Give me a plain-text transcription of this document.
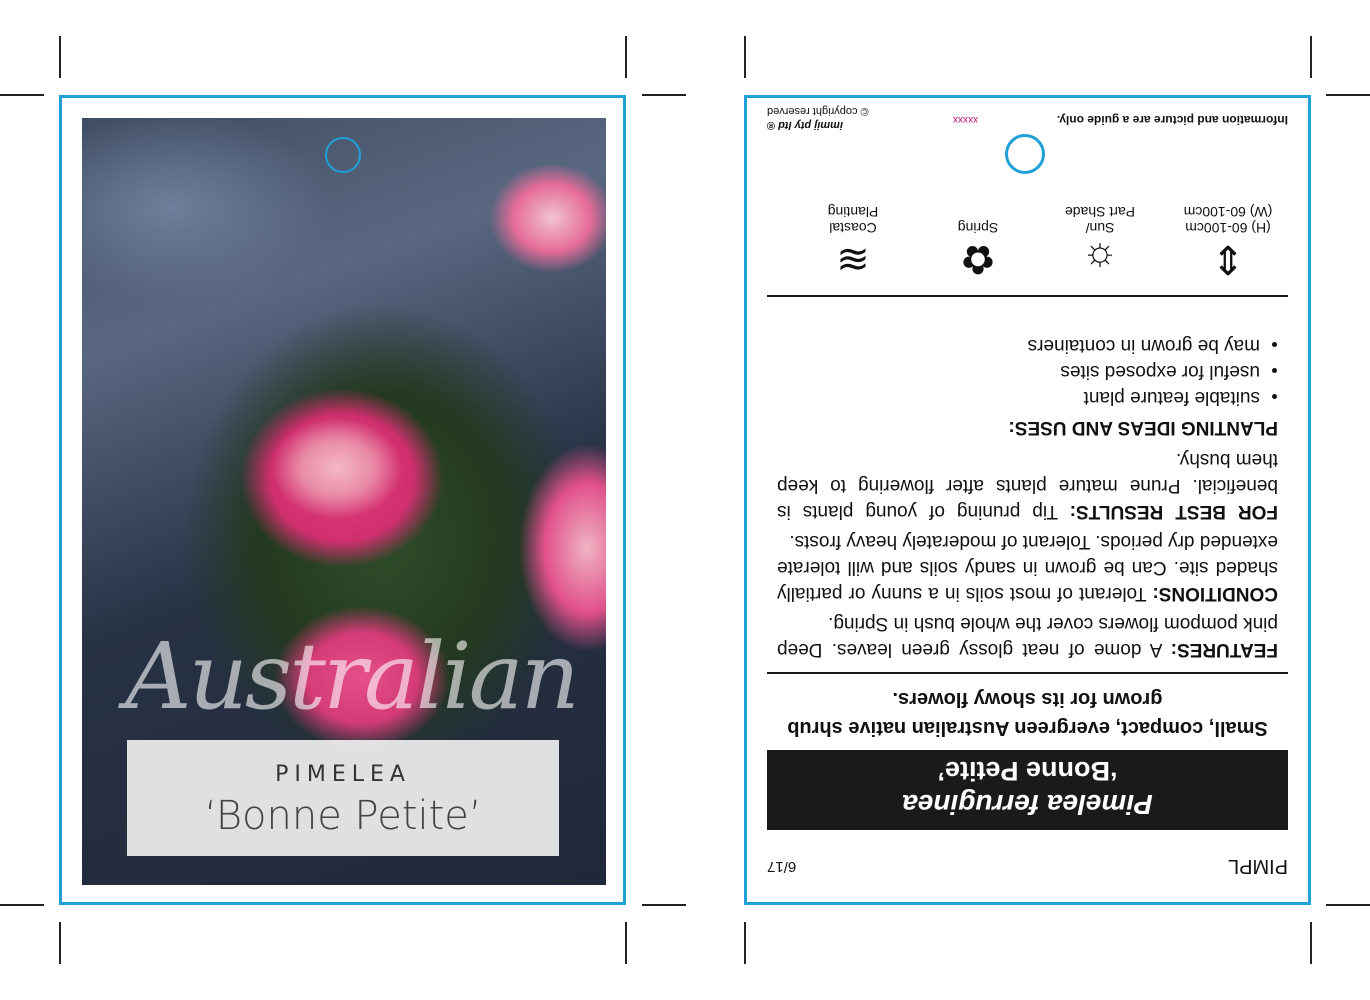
Australian
PIMELEA
‘Bonne Petite’
PIMPL
6/17
Pimelea ferruginea
‘Bonne Petite’
Small, compact, evergreen Australian native shrub grown for its showy flowers.

FEATURES: A dome of neat glossy green leaves. Deep pink pompom flowers cover the whole bush in Spring.

CONDITIONS: Tolerant of most soils in a sunny or partially shaded site. Can be grown in sandy soils and will tolerate extended dry periods. Tolerant of moderately heavy frosts.

FOR BEST RESULTS: Tip pruning of young plants is beneficial. Prune mature plants after flowering to keep them bushy.

PLANTING IDEAS AND USES:
• suitable feature plant
• useful for exposed sites
• may be grown in containers
⇕
(H) 60-100cm
(W) 60-100cm
☼
Sun/
Part Shade
✿
Spring
≋
Coastal
Planting
Information and picture are a guide only.
xxxxx
immij pty ltd ®
© copyright reserved
